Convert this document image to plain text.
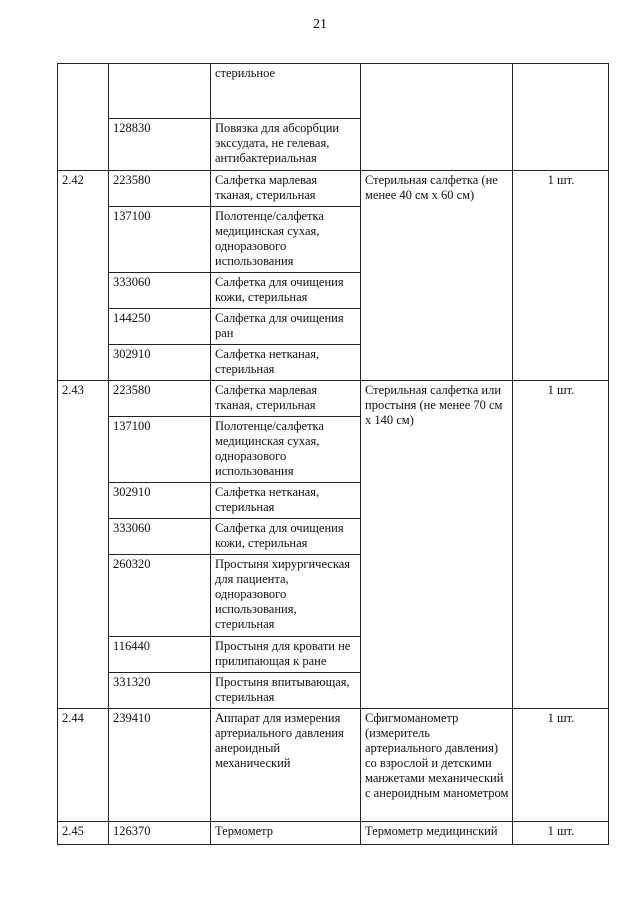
21
		стерильное		
	128830	Повязка для абсорбции экссудата, не гелевая, антибактериальная		
2.42	223580	Салфетка марлевая тканая, стерильная	Стерильная салфетка (не менее 40 см х 60 см)	1 шт.
	137100	Полотенце/салфетка медицинская сухая, одноразового использования		
	333060	Салфетка для очищения кожи, стерильная		
	144250	Салфетка для очищения ран		
	302910	Салфетка нетканая, стерильная		
2.43	223580	Салфетка марлевая тканая, стерильная	Стерильная салфетка или простыня (не менее 70 см х 140 см)	1 шт.
	137100	Полотенце/салфетка медицинская сухая, одноразового использования		
	302910	Салфетка нетканая, стерильная		
	333060	Салфетка для очищения кожи, стерильная		
	260320	Простыня хирургическая для пациента, одноразового использования, стерильная		
	116440	Простыня для кровати не прилипающая к ране		
	331320	Простыня впитывающая, стерильная		
2.44	239410	Аппарат для измерения артериального давления анероидный механический	Сфигмоманометр (измеритель артериального давления) со взрослой и детскими манжетами механический с анероидным манометром	1 шт.
2.45	126370	Термометр	Термометр медицинский	1 шт.
